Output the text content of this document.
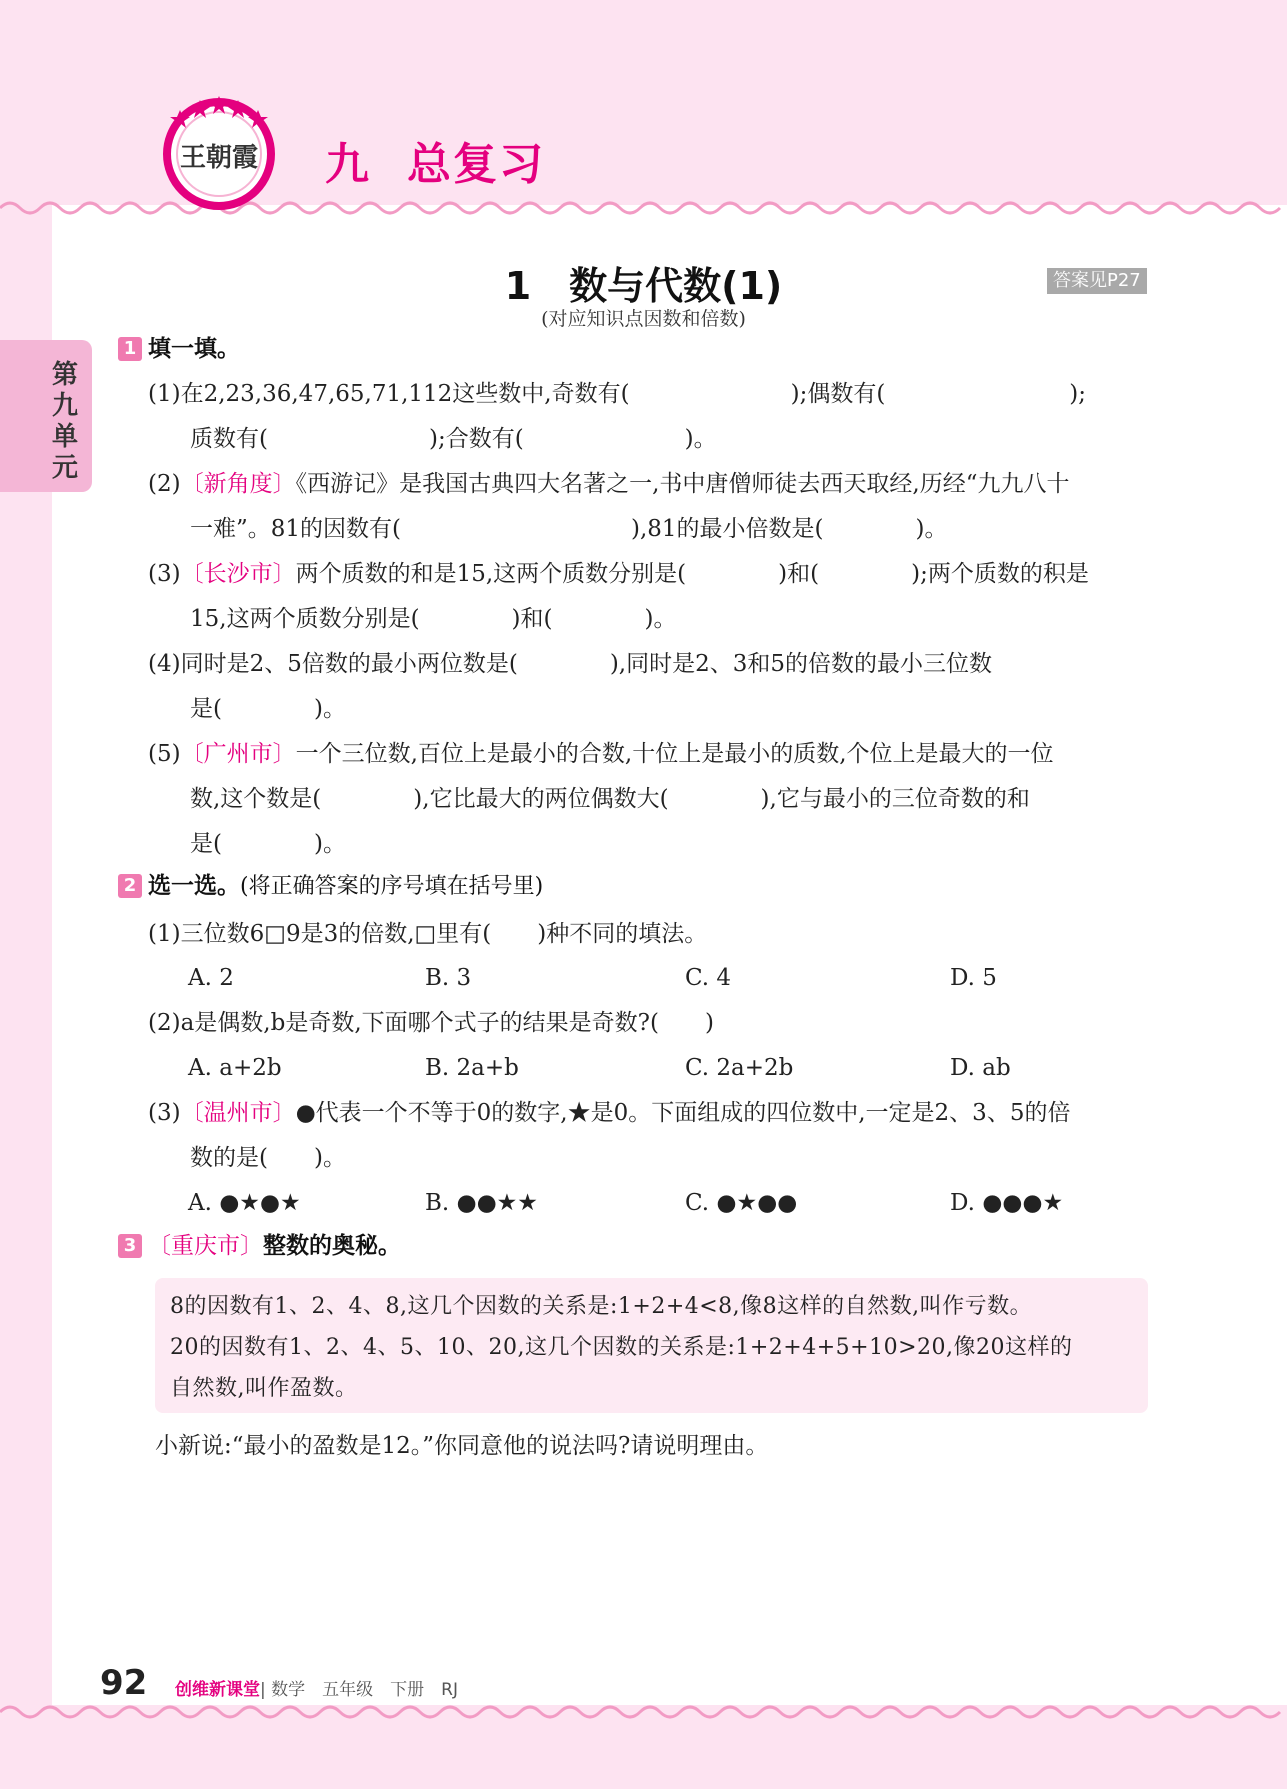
王朝霞 九 总复习
第九单元
1　数与代数(1)
(对应知识点因数和倍数)
答案见P27
1 填一填。
(1)在2,23,36,47,65,71,112这些数中,奇数有(　　　　　　　);偶数有(　　　　　　　　);
质数有(　　　　　　　);合数有(　　　　　　　)。
(2)〔新角度〕《西游记》是我国古典四大名著之一,书中唐僧师徒去西天取经,历经“九九八十
一难”。81的因数有(　　　　　　　　　　),81的最小倍数是(　　　　)。
(3)〔长沙市〕两个质数的和是15,这两个质数分别是(　　　　)和(　　　　);两个质数的积是
15,这两个质数分别是(　　　　)和(　　　　)。
(4)同时是2、5倍数的最小两位数是(　　　　),同时是2、3和5的倍数的最小三位数
是(　　　　)。
(5)〔广州市〕一个三位数,百位上是最小的合数,十位上是最小的质数,个位上是最大的一位
数,这个数是(　　　　),它比最大的两位偶数大(　　　　),它与最小的三位奇数的和
是(　　　　)。
2 选一选。(将正确答案的序号填在括号里)
(1)三位数6□9是3的倍数,□里有(　　)种不同的填法。
A. 2	B. 3	C. 4	D. 5
(2)a是偶数,b是奇数,下面哪个式子的结果是奇数?(　　)
A. a+2b	B. 2a+b	C. 2a+2b	D. ab
(3)〔温州市〕●代表一个不等于0的数字,★是0。下面组成的四位数中,一定是2、3、5的倍
数的是(　　)。
A. ●★●★	B. ●●★★	C. ●★●●	D. ●●●★
3 〔重庆市〕整数的奥秘。
8的因数有1、2、4、8,这几个因数的关系是:1+2+4<8,像8这样的自然数,叫作亏数。
20的因数有1、2、4、5、10、20,这几个因数的关系是:1+2+4+5+10>20,像20这样的
自然数,叫作盈数。
小新说:“最小的盈数是12。”你同意他的说法吗?请说明理由。
92 创维新课堂| 数学　五年级　下册　RJ
